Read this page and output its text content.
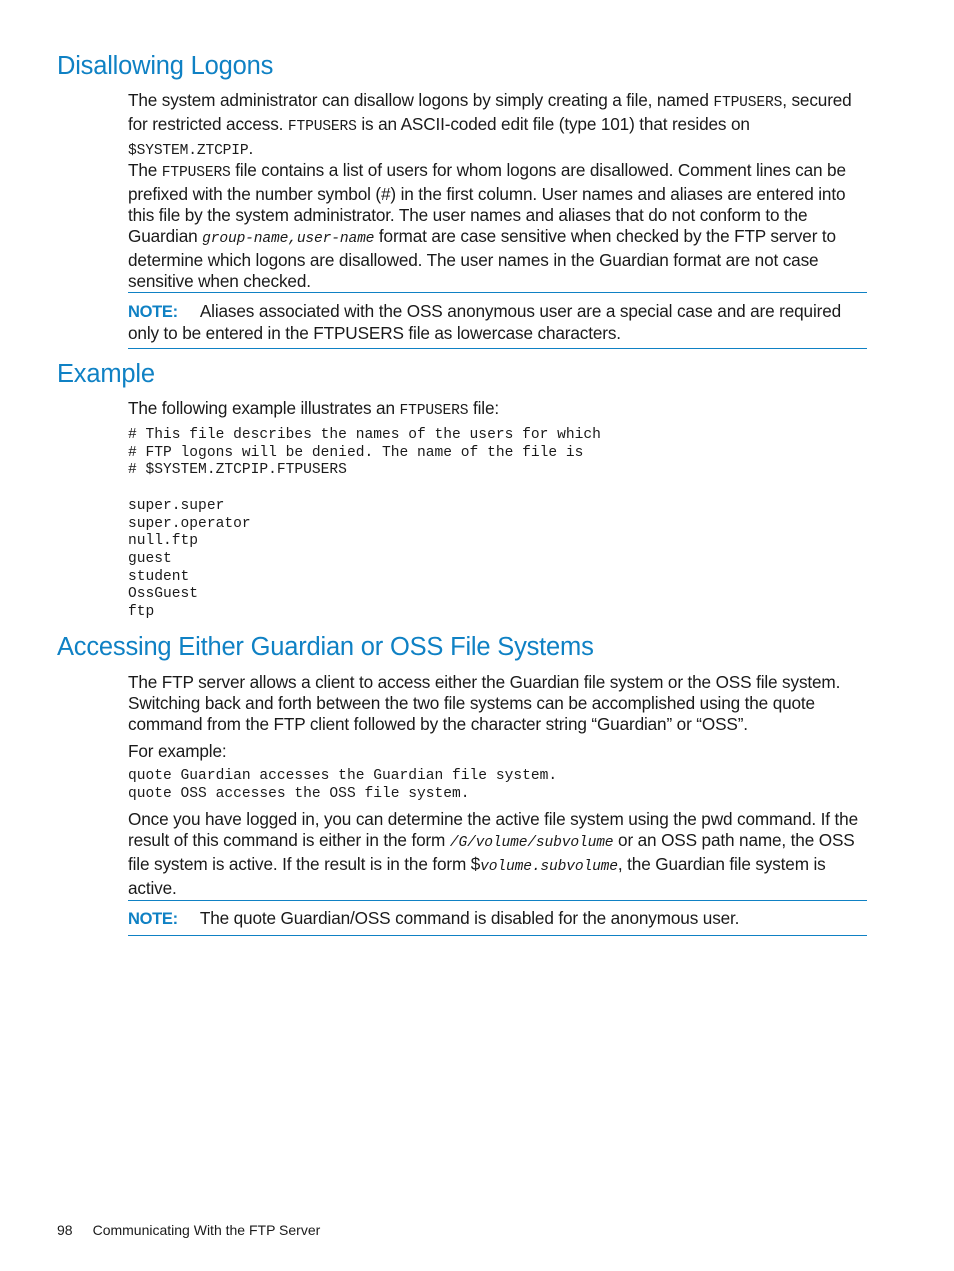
Disallowing Logons

The system administrator can disallow logons by simply creating a file, named FTPUSERS, secured for restricted access. FTPUSERS is an ASCII-coded edit file (type 101) that resides on $SYSTEM.ZTCPIP.

The FTPUSERS file contains a list of users for whom logons are disallowed. Comment lines can be prefixed with the number symbol (#) in the first column. User names and aliases are entered into this file by the system administrator. The user names and aliases that do not conform to the Guardian group-name,user-name format are case sensitive when checked by the FTP server to determine which logons are disallowed. The user names in the Guardian format are not case sensitive when checked.

NOTE: Aliases associated with the OSS anonymous user are a special case and are required only to be entered in the FTPUSERS file as lowercase characters.

Example

The following example illustrates an FTPUSERS file:

# This file describes the names of the users for which
# FTP logons will be denied. The name of the file is
# $SYSTEM.ZTCPIP.FTPUSERS

super.super
super.operator
null.ftp
guest
student
OssGuest
ftp
Accessing Either Guardian or OSS File Systems

The FTP server allows a client to access either the Guardian file system or the OSS file system. Switching back and forth between the two file systems can be accomplished using the quote command from the FTP client followed by the character string “Guardian” or “OSS”.

For example:

quote Guardian accesses the Guardian file system.
quote OSS accesses the OSS file system.

Once you have logged in, you can determine the active file system using the pwd command. If the result of this command is either in the form /G/volume/subvolume or an OSS path name, the OSS file system is active. If the result is in the form $volume.subvolume, the Guardian file system is active.

NOTE: The quote Guardian/OSS command is disabled for the anonymous user.

98 Communicating With the FTP Server
